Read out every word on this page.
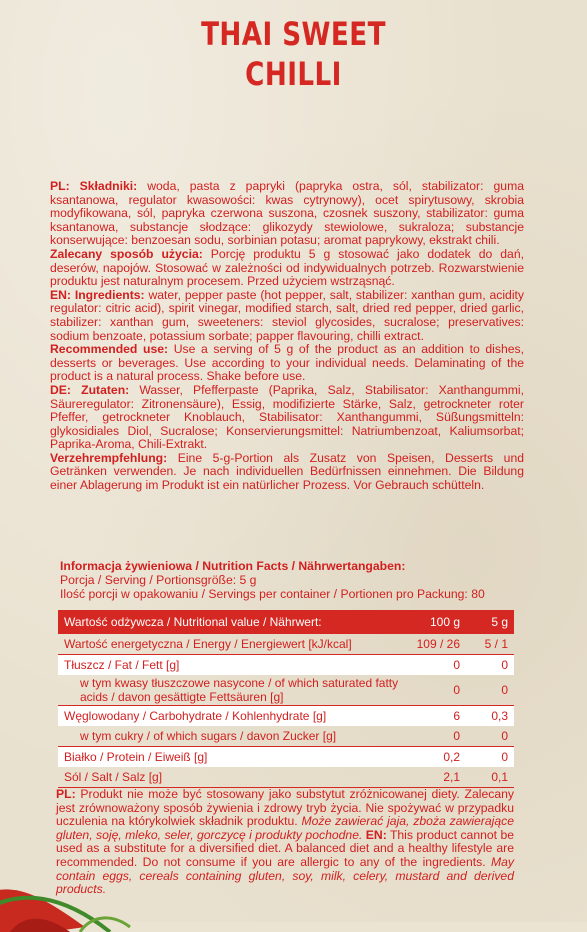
THAI SWEET
CHILLI

PL: Składniki: woda, pasta z papryki (papryka ostra, sól, stabilizator: guma ksantanowa, regulator kwasowości: kwas cytrynowy), ocet spirytusowy, skrobia modyfikowana, sól, papryka czerwona suszona, czosnek suszony, stabilizator: guma ksantanowa, substancje słodzące: glikozydy stewiolowe, sukraloza; substancje konserwujące: benzoesan sodu, sorbinian potasu; aromat paprykowy, ekstrakt chili.

Zalecany sposób użycia: Porcję produktu 5 g stosować jako dodatek do dań, deserów, napojów. Stosować w zależności od indywidualnych potrzeb. Rozwarstwienie produktu jest naturalnym procesem. Przed użyciem wstrząsnąć.

EN: Ingredients: water, pepper paste (hot pepper, salt, stabilizer: xanthan gum, acidity regulator: citric acid), spirit vinegar, modified starch, salt, dried red pepper, dried garlic, stabilizer: xanthan gum, sweeteners: steviol glycosides, sucralose; preservatives: sodium benzoate, potassium sorbate; papper flavouring, chilli extract.

Recommended use: Use a serving of 5 g of the product as an addition to dishes, desserts or beverages. Use according to your individual needs. Delaminating of the product is a natural process. Shake before use.

DE: Zutaten: Wasser, Pfefferpaste (Paprika, Salz, Stabilisator: Xanthangummi, Säureregulator: Zitronensäure), Essig, modifizierte Stärke, Salz, getrockneter roter Pfeffer, getrockneter Knoblauch, Stabilisator: Xanthangummi, Süßungsmitteln: glykosidiales Diol, Sucralose; Konservierungsmittel: Natriumbenzoat, Kaliumsorbat; Paprika-Aroma, Chili-Extrakt.

Verzehrempfehlung: Eine 5-g-Portion als Zusatz von Speisen, Desserts und Getränken verwenden. Je nach individuellen Bedürfnissen einnehmen. Die Bildung einer Ablagerung im Produkt ist ein natürlicher Prozess. Vor Gebrauch schütteln.

Informacja żywieniowa / Nutrition Facts / Nährwertangaben:
Porcja / Serving / Portionsgröße: 5 g
Ilość porcji w opakowaniu / Servings per container / Portionen pro Packung: 80
Wartość odżywcza / Nutritional value / Nährwert:	100 g	5 g
Wartość energetyczna / Energy / Energiewert [kJ/kcal]	109 / 26	5 / 1
Tłuszcz / Fat / Fett [g]	0	0
w tym kwasy tłuszczowe nasycone / of which saturated fatty acids / davon gesättigte Fettsäuren [g]	0	0
Węglowodany / Carbohydrate / Kohlenhydrate [g]	6	0,3
w tym cukry / of which sugars / davon Zucker [g]	0	0
Białko / Protein / Eiweiß [g]	0,2	0
Sól / Salt / Salz [g]	2,1	0,1

PL: Produkt nie może być stosowany jako substytut zróżnicowanej diety. Zalecany jest zrównoważony sposób żywienia i zdrowy tryb życia. Nie spożywać w przypadku uczulenia na którykolwiek składnik produktu. Może zawierać jaja, zboża zawierające gluten, soję, mleko, seler, gorczycę i produkty pochodne. EN: This product cannot be used as a substitute for a diversified diet. A balanced diet and a healthy lifestyle are recommended. Do not consume if you are allergic to any of the ingredients. May contain eggs, cereals containing gluten, soy, milk, celery, mustard and derived products.
